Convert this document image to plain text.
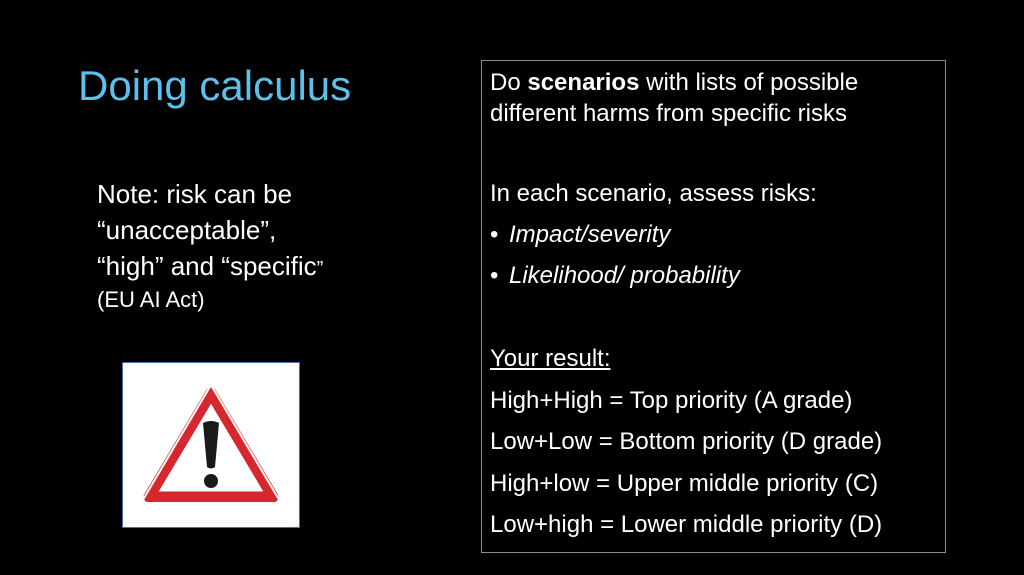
Doing calculus
Note: risk can be
“unacceptable”,
“high” and “specific”
(EU AI Act)
Do scenarios with lists of possible different harms from specific risks
In each scenario, assess risks:
• Impact/severity
• Likelihood/ probability
Your result:
High+High = Top priority (A grade)
Low+Low = Bottom priority (D grade)
High+low = Upper middle priority (C)
Low+high = Lower middle priority (D)
